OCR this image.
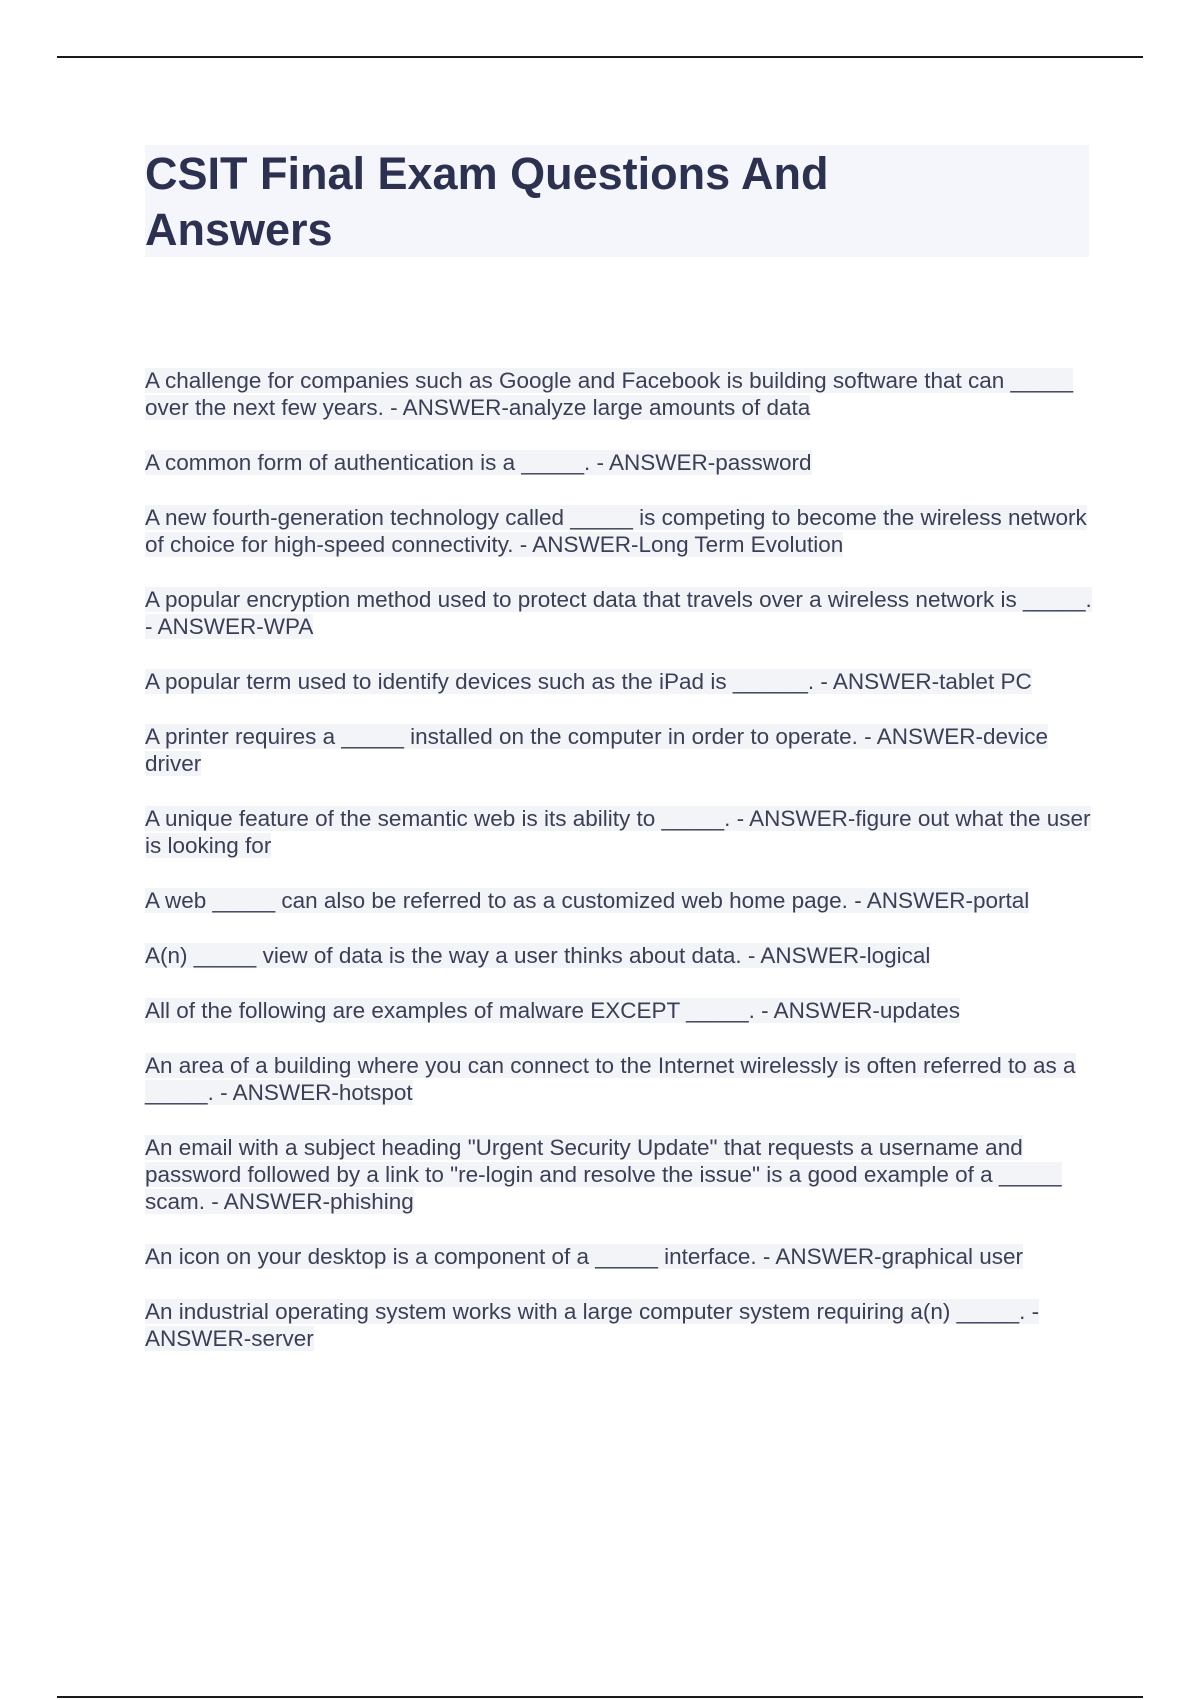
CSIT Final Exam Questions And Answers

A challenge for companies such as Google and Facebook is building software that can _____ over the next few years. - ANSWER-analyze large amounts of data

A common form of authentication is a _____. - ANSWER-password

A new fourth-generation technology called _____ is competing to become the wireless network of choice for high-speed connectivity. - ANSWER-Long Term Evolution

A popular encryption method used to protect data that travels over a wireless network is _____. - ANSWER-WPA

A popular term used to identify devices such as the iPad is ______. - ANSWER-tablet PC

A printer requires a _____ installed on the computer in order to operate. - ANSWER-device driver

A unique feature of the semantic web is its ability to _____. - ANSWER-figure out what the user is looking for

A web _____ can also be referred to as a customized web home page. - ANSWER-portal

A(n) _____ view of data is the way a user thinks about data. - ANSWER-logical

All of the following are examples of malware EXCEPT _____. - ANSWER-updates

An area of a building where you can connect to the Internet wirelessly is often referred to as a _____. - ANSWER-hotspot

An email with a subject heading "Urgent Security Update" that requests a username and password followed by a link to "re-login and resolve the issue" is a good example of a _____ scam. - ANSWER-phishing

An icon on your desktop is a component of a _____ interface. - ANSWER-graphical user

An industrial operating system works with a large computer system requiring a(n) _____. - ANSWER-server
